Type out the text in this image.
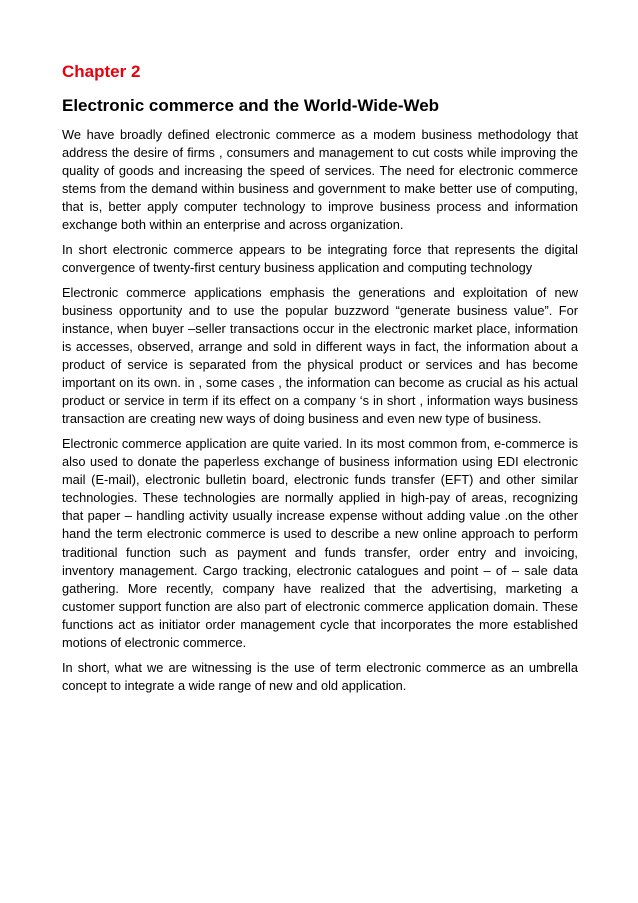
Chapter 2
Electronic commerce and the World-Wide-Web

We have broadly defined electronic commerce as a modem business methodology that address the desire of firms , consumers and management to cut costs while improving the quality of goods and increasing the speed of services. The need for electronic commerce stems from the demand within business and government to make better use of computing, that is, better apply computer technology to improve business process and information exchange both within an enterprise and across organization.

In short electronic commerce appears to be integrating force that represents the digital convergence of twenty-first century business application and computing technology

Electronic commerce applications emphasis the generations and exploitation of new business opportunity and to use the popular buzzword “generate business value”. For instance, when buyer –seller transactions occur in the electronic market place, information is accesses, observed, arrange and sold in different ways in fact, the information about a product of service is separated from the physical product or services and has become important on its own. in , some cases , the information can become as crucial as his actual product or service in term if its effect on a company ‘s in short , information ways business transaction are creating new ways of doing business and even new type of business.

Electronic commerce application are quite varied. In its most common from, e-commerce is also used to donate the paperless exchange of business information using EDI electronic mail (E-mail), electronic bulletin board, electronic funds transfer (EFT) and other similar technologies. These technologies are normally applied in high-pay of areas, recognizing that paper – handling activity usually increase expense without adding value .on the other hand the term electronic commerce is used to describe a new online approach to perform traditional function such as payment and funds transfer, order entry and invoicing, inventory management. Cargo tracking, electronic catalogues and point – of – sale data gathering. More recently, company have realized that the advertising, marketing a customer support function are also part of electronic commerce application domain. These functions act as initiator order management cycle that incorporates the more established motions of electronic commerce.

In short, what we are witnessing is the use of term electronic commerce as an umbrella concept to integrate a wide range of new and old application.
